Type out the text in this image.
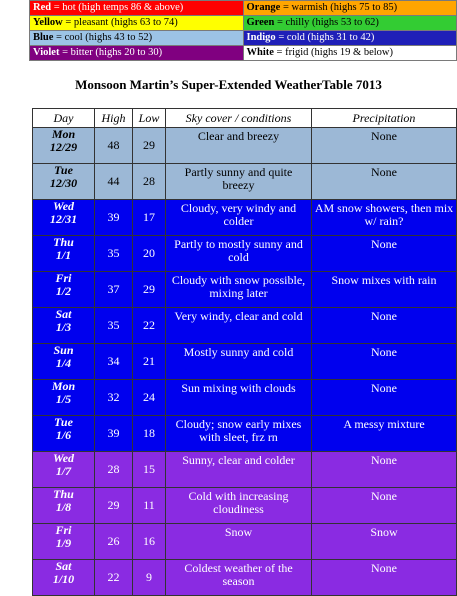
Red = hot (high temps 86 & above)	Orange = warmish (highs 75 to 85)
Yellow = pleasant (highs 63 to 74)	Green = chilly (highs 53 to 62)
Blue = cool (highs 43 to 52)	Indigo = cold (highs 31 to 42)
Violet = bitter (highs 20 to 30)	White = frigid (highs 19 & below)
Monsoon Martin’s Super-Extended WeatherTable 7013
Day	High	Low	Sky cover / conditions	Precipitation

Mon
12/29	48	29	Clear and breezy	None

Tue
12/30	44	28	Partly sunny and quite breezy	None

Wed
12/31	39	17	Cloudy, very windy and colder	AM snow showers, then mix w/ rain?

Thu
1/1	35	20	Partly to mostly sunny and cold	None

Fri
1/2	37	29	Cloudy with snow possible, mixing later	Snow mixes with rain

Sat
1/3	35	22	Very windy, clear and cold	None

Sun
1/4	34	21	Mostly sunny and cold	None

Mon
1/5	32	24	Sun mixing with clouds	None

Tue
1/6	39	18	Cloudy; snow early mixes with sleet, frz rn	A messy mixture

Wed
1/7	28	15	Sunny, clear and colder	None

Thu
1/8	29	11	Cold with increasing cloudiness	None

Fri
1/9	26	16	Snow	Snow

Sat
1/10	22	9	Coldest weather of the season	None
